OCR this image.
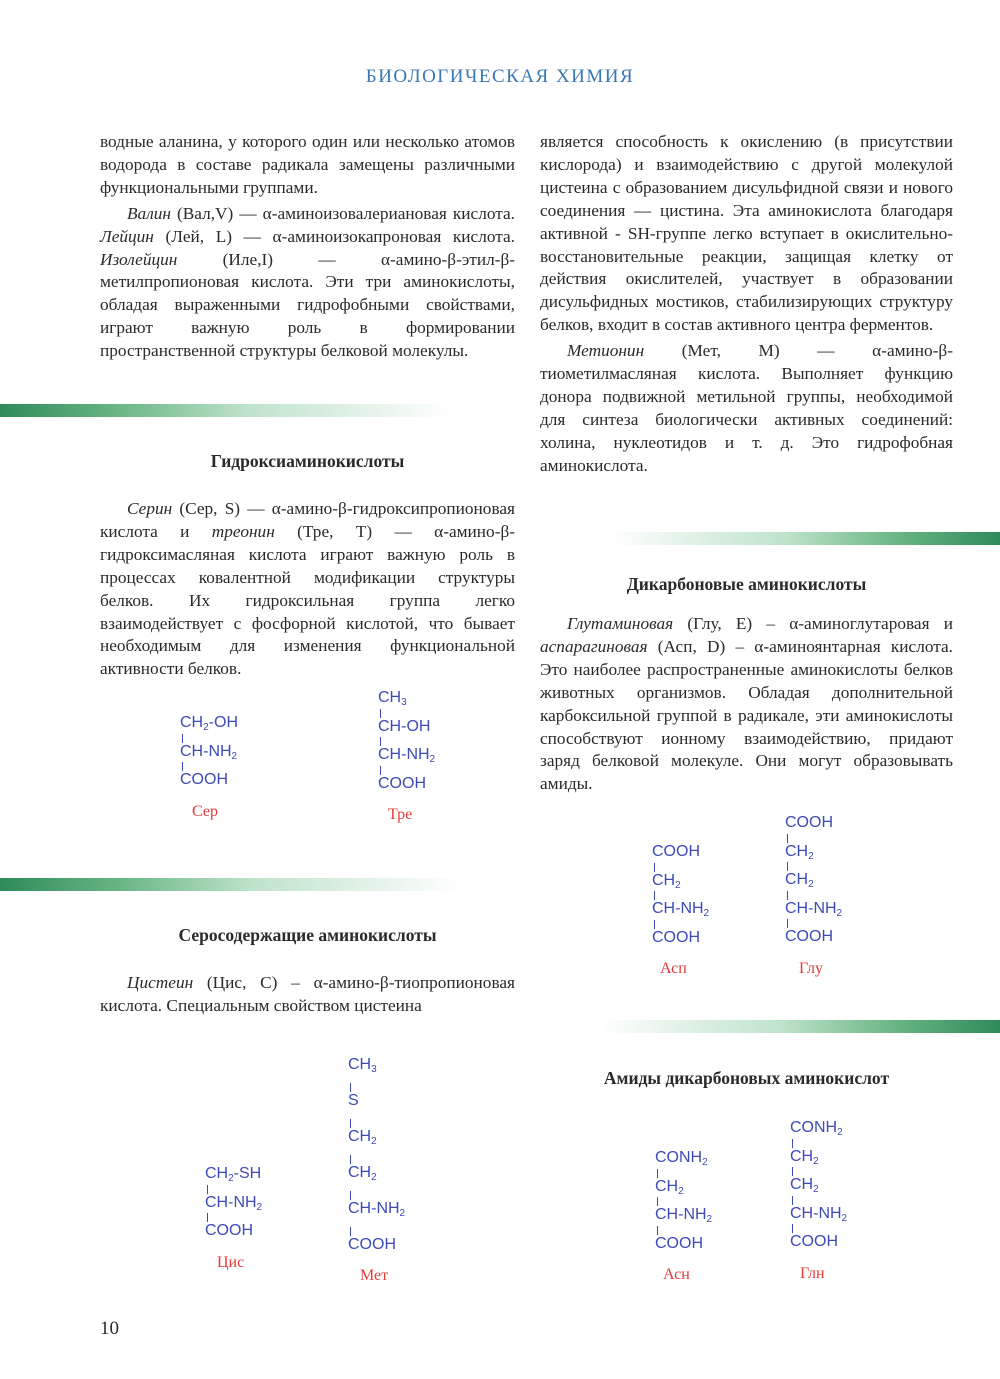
БИОЛОГИЧЕСКАЯ ХИМИЯ

водные аланина, у которого один или несколько атомов водорода в составе радикала замещены различными функциональными группами.

Валин (Вал,V) — α-аминоизовалериановая кислота. Лейцин (Лей, L) — α-аминоизокапроновая кислота. Изолейцин (Иле,I) — α-амино-β-этил-β-метилпропионовая кислота. Эти три аминокислоты, обладая выраженными гидрофобными свойствами, играют важную роль в формировании пространственной структуры белковой молекулы.

Гидроксиаминокислоты

Серин (Сер, S) — α-амино-β-гидроксипропионовая кислота и треонин (Тре, Т) — α-амино-β-гидроксимасляная кислота играют важную роль в процессах ковалентной модификации структуры белков. Их гидроксильная группа легко взаимодействует с фосфорной кислотой, что бывает необходимым для изменения функциональной активности белков.

$CH_2-OH$
$CH-NH_2$
COOH
Сер
$CH_3$
CH-OH
$CH-NH_2$
COOH
Тре
Серосодержащие аминокислоты

Цистеин (Цис, С) – α-амино-β-тиопропионовая кислота. Специальным свойством цистеина

$CH_2-SH$
$CH-NH_2$
COOH
Цис
$CH_3$
S
$CH_2$
$CH_2$
$CH-NH_2$
COOH
Мет

является способность к окислению (в присутствии кислорода) и взаимодействию с другой молекулой цистеина с образованием дисульфидной связи и нового соединения — цистина. Эта аминокислота благодаря активной - SH-группе легко вступает в окислительно-восстановительные реакции, защищая клетку от действия окислителей, участвует в образовании дисульфидных мостиков, стабилизирующих структуру белков, входит в состав активного центра ферментов.

Метионин (Мет, М) — α-амино-β-тиометилмасляная кислота. Выполняет функцию донора подвижной метильной группы, необходимой для синтеза биологически активных соединений: холина, нуклеотидов и т. д. Это гидрофобная аминокислота.

Дикарбоновые аминокислоты

Глутаминовая (Глу, Е) – α-аминоглутаровая и аспарагиновая (Асп, D) – α-аминоянтарная кислота. Это наиболее распространенные аминокислоты белков животных организмов. Обладая дополнительной карбоксильной группой в радикале, эти аминокислоты способствуют ионному взаимодействию, придают заряд белковой молекуле. Они могут образовывать амиды.

COOH
$CH_2$
$CH-NH_2$
COOH
Асп
COOH
$CH_2$
$CH_2$
$CH-NH_2$
COOH
Глу
Амиды дикарбоновых аминокислот
$CONH_2$
$CH_2$
$CH-NH_2$
COOH
Асн
$CONH_2$
$CH_2$
$CH_2$
$CH-NH_2$
COOH
Глн
10
